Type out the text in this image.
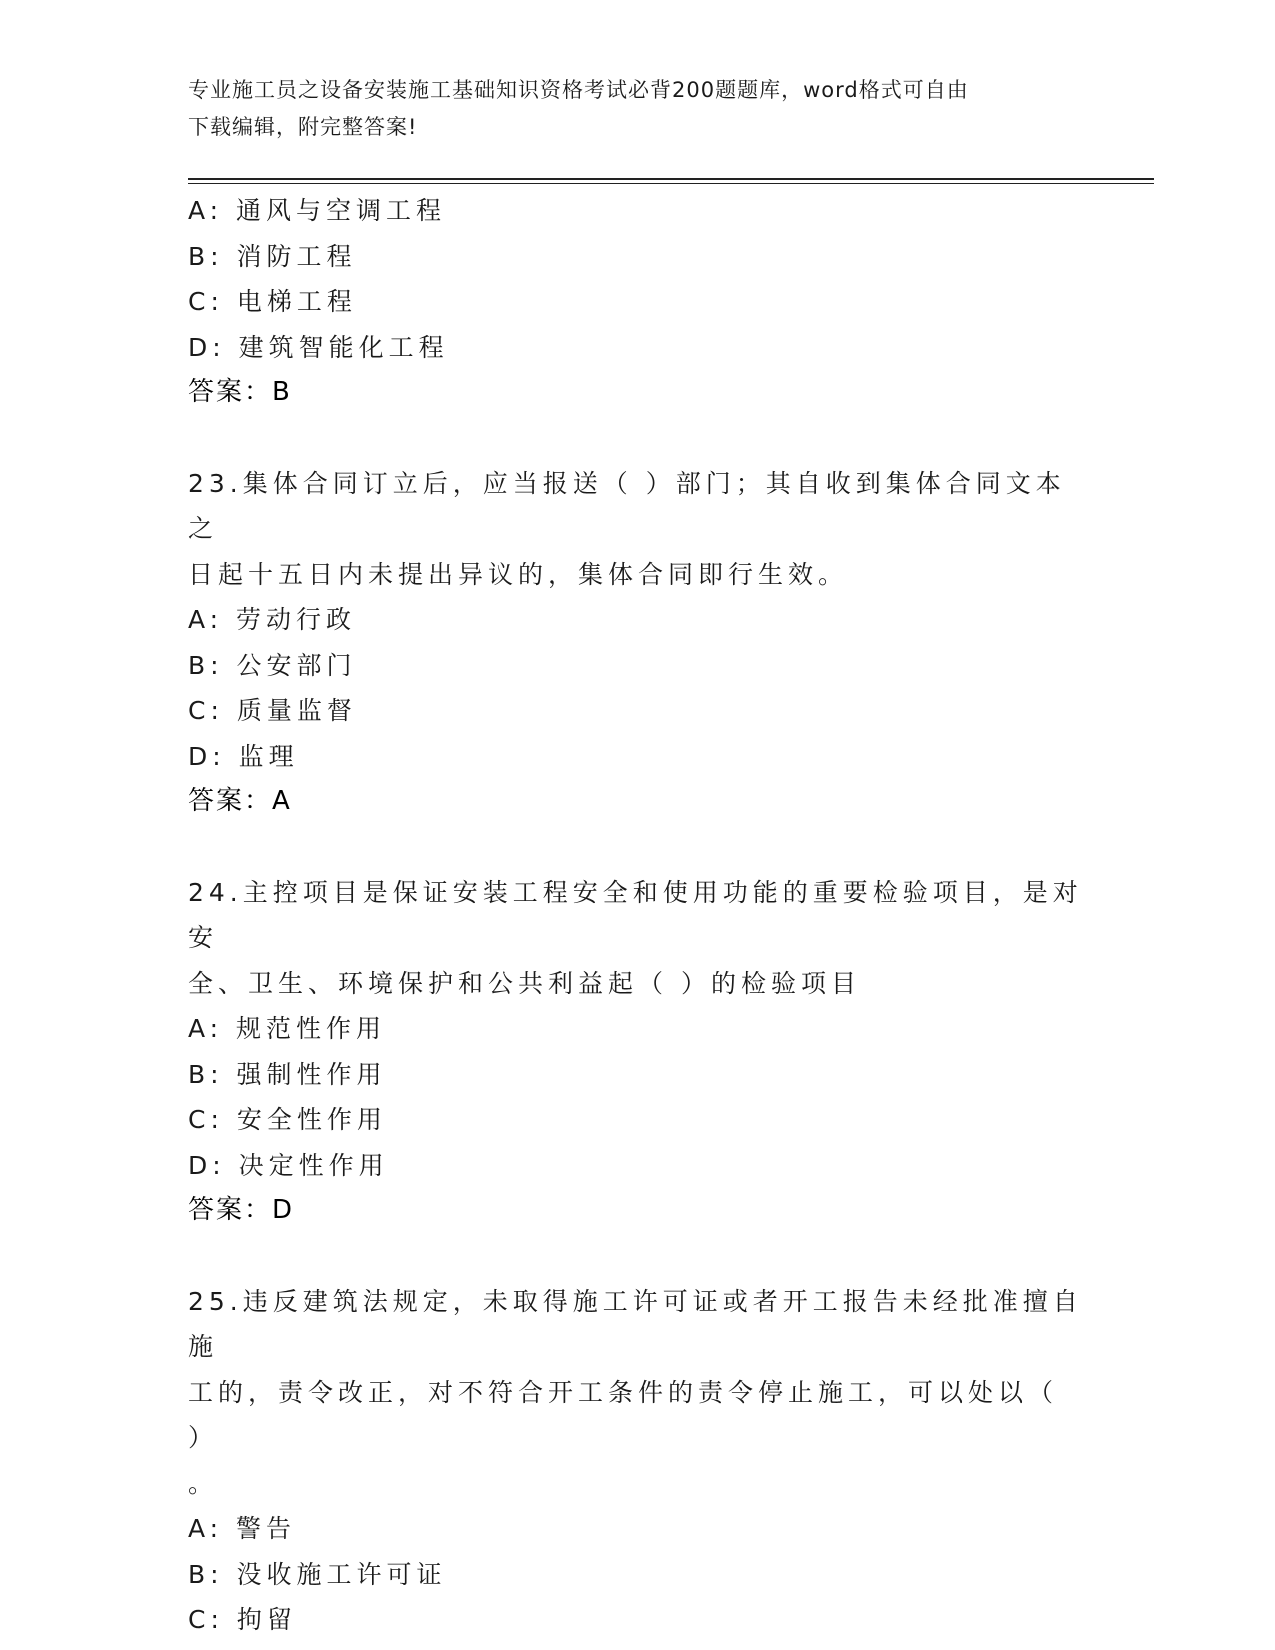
专业施工员之设备安装施工基础知识资格考试必背200题题库，word格式可自由
下载编辑，附完整答案!
A: 通风与空调工程
B: 消防工程
C: 电梯工程
D: 建筑智能化工程
答案：B
23.集体合同订立后，应当报送（ ）部门；其自收到集体合同文本之
日起十五日内未提出异议的，集体合同即行生效。
A: 劳动行政
B: 公安部门
C: 质量监督
D: 监理
答案：A
24.主控项目是保证安装工程安全和使用功能的重要检验项目，是对安
全、卫生、环境保护和公共利益起（ ）的检验项目
A: 规范性作用
B: 强制性作用
C: 安全性作用
D: 决定性作用
答案：D
25.违反建筑法规定，未取得施工许可证或者开工报告未经批准擅自施
工的，责令改正，对不符合开工条件的责令停止施工，可以处以（ ）
。
A: 警告
B: 没收施工许可证
C: 拘留
